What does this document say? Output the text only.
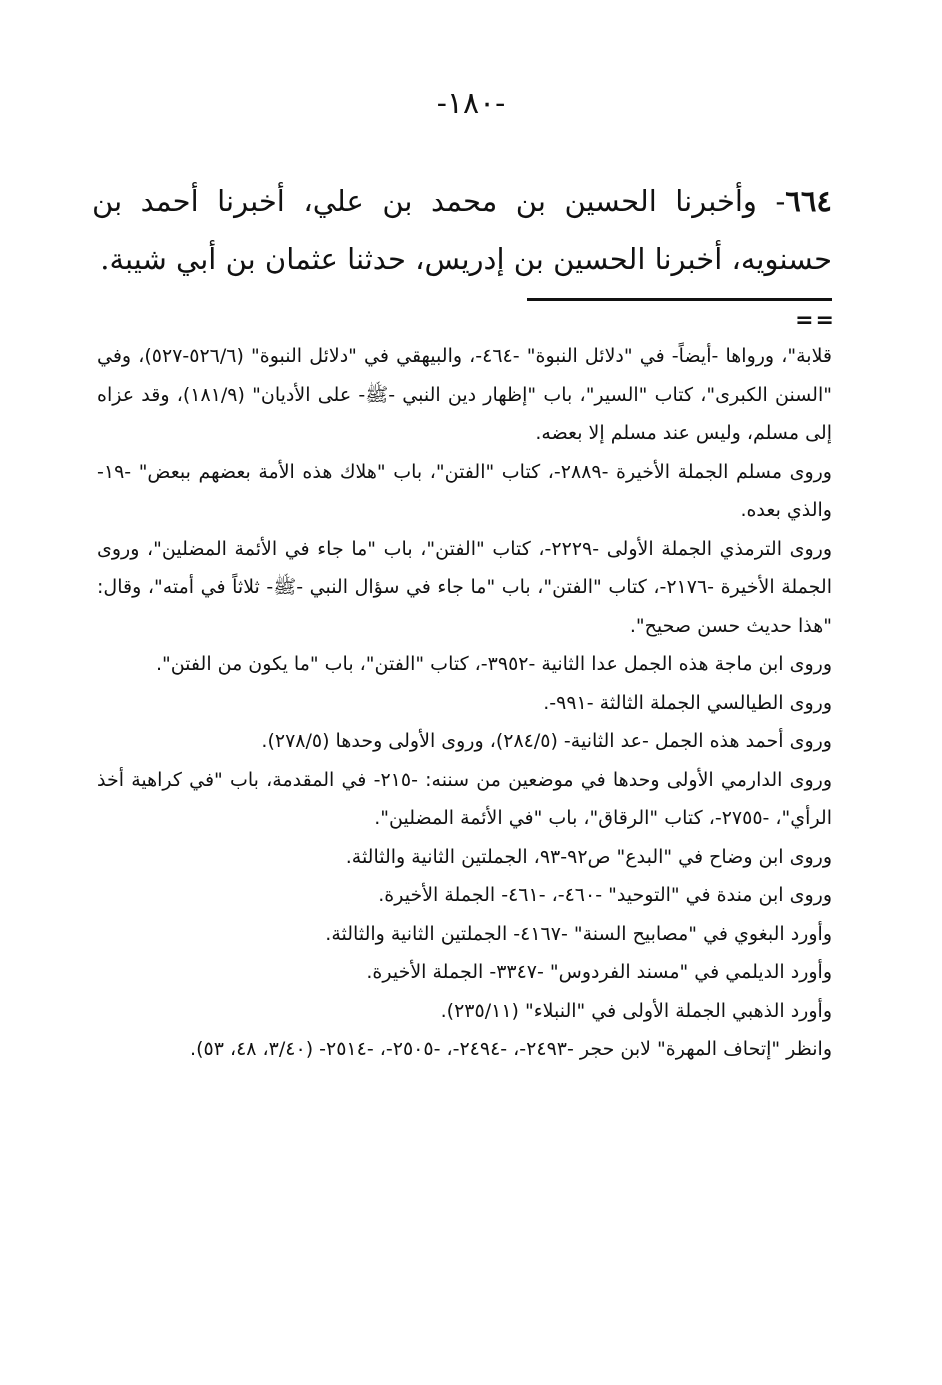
-١٨٠-
٦٦٤- وأخبرنا الحسين بن محمد بن علي، أخبرنا أحمد بن حسنويه، أخبرنا الحسين بن إدريس، حدثنا عثمان بن أبي شيبة.
==

قلابة"، ورواها -أيضاً- في "دلائل النبوة" -٤٦٤-، والبيهقي في "دلائل النبوة" (٥٢٦/٦-٥٢٧)، وفي "السنن الكبرى"، كتاب "السير"، باب "إظهار دين النبي -ﷺ- على الأديان" (١٨١/٩)، وقد عزاه إلى مسلم، وليس عند مسلم إلا بعضه.

وروى مسلم الجملة الأخيرة -٢٨٨٩-، كتاب "الفتن"، باب "هلاك هذه الأمة بعضهم ببعض" -١٩- والذي بعده.

وروى الترمذي الجملة الأولى -٢٢٢٩-، كتاب "الفتن"، باب "ما جاء في الأئمة المضلين"، وروى الجملة الأخيرة -٢١٧٦-، كتاب "الفتن"، باب "ما جاء في سؤال النبي -ﷺ- ثلاثاً في أمته"، وقال: "هذا حديث حسن صحيح".

وروى ابن ماجة هذه الجمل عدا الثانية -٣٩٥٢-، كتاب "الفتن"، باب "ما يكون من الفتن".

وروى الطيالسي الجملة الثالثة -٩٩١-.

وروى أحمد هذه الجمل -عد الثانية- (٢٨٤/٥)، وروى الأولى وحدها (٢٧٨/٥).

وروى الدارمي الأولى وحدها في موضعين من سننه: -٢١٥- في المقدمة، باب "في كراهية أخذ الرأي"، -٢٧٥٥-، كتاب "الرقاق"، باب "في الأئمة المضلين".

وروى ابن وضاح في "البدع" ص٩٢-٩٣، الجملتين الثانية والثالثة.

وروى ابن مندة في "التوحيد" -٤٦٠-، -٤٦١- الجملة الأخيرة.

وأورد البغوي في "مصابيح السنة" -٤١٦٧- الجملتين الثانية والثالثة.

وأورد الديلمي في "مسند الفردوس" -٣٣٤٧- الجملة الأخيرة.

وأورد الذهبي الجملة الأولى في "النبلاء" (٢٣٥/١١).

وانظر "إتحاف المهرة" لابن حجر -٢٤٩٣-، -٢٤٩٤-، -٢٥٠٥-، -٢٥١٤- (٣/٤٠، ٤٨، ٥٣).
